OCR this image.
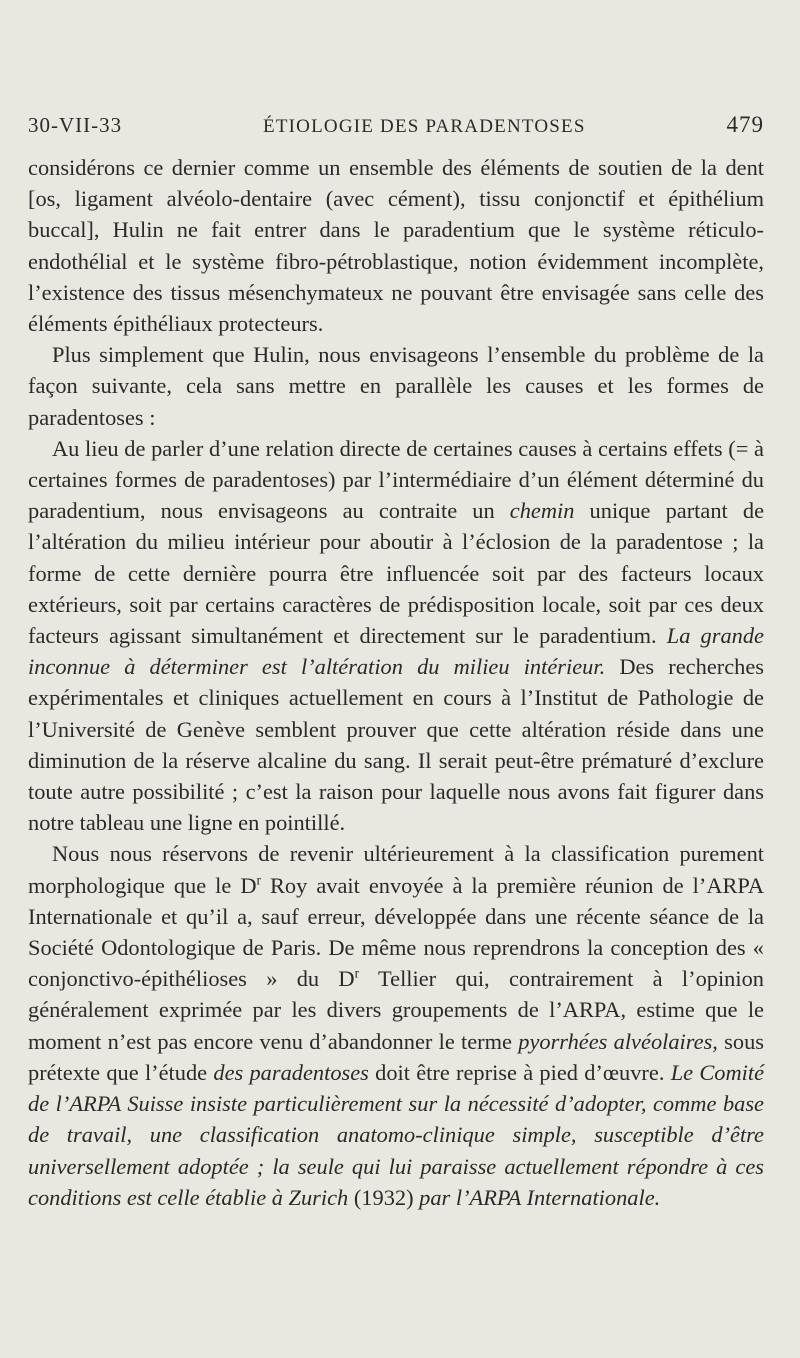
30-VII-33	ÉTIOLOGIE DES PARADENTOSES	479

considérons ce dernier comme un ensemble des éléments de soutien de la dent [os, ligament alvéolo-dentaire (avec cément), tissu conjonctif et épithélium buccal], Hulin ne fait entrer dans le paradentium que le système réticulo-endothélial et le système fibro-pétroblastique, notion évidemment incomplète, l’existence des tissus mésenchymateux ne pouvant être envisagée sans celle des éléments épithéliaux protecteurs.

Plus simplement que Hulin, nous envisageons l’ensemble du problème de la façon suivante, cela sans mettre en parallèle les causes et les formes de paradentoses :

Au lieu de parler d’une relation directe de certaines causes à certains effets (= à certaines formes de paradentoses) par l’intermédiaire d’un élément déterminé du paradentium, nous envisageons au contraite un chemin unique partant de l’altération du milieu intérieur pour aboutir à l’éclosion de la paradentose ; la forme de cette dernière pourra être influencée soit par des facteurs locaux extérieurs, soit par certains caractères de prédisposition locale, soit par ces deux facteurs agissant simultanément et directement sur le paradentium. La grande inconnue à déterminer est l’altération du milieu intérieur. Des recherches expérimentales et cliniques actuellement en cours à l’Institut de Pathologie de l’Université de Genève semblent prouver que cette altération réside dans une diminution de la réserve alcaline du sang. Il serait peut-être prématuré d’exclure toute autre possibilité ; c’est la raison pour laquelle nous avons fait figurer dans notre tableau une ligne en pointillé.

Nous nous réservons de revenir ultérieurement à la classification purement morphologique que le $D^r$ Roy avait envoyée à la première réunion de l’ARPA Internationale et qu’il a, sauf erreur, développée dans une récente séance de la Société Odontologique de Paris. De même nous reprendrons la conception des « conjonctivo-épithélioses » du $D^r$ Tellier qui, contrairement à l’opinion généralement exprimée par les divers groupements de l’ARPA, estime que le moment n’est pas encore venu d’abandonner le terme pyorrhées alvéolaires, sous prétexte que l’étude des paradentoses doit être reprise à pied d’œuvre. Le Comité de l’ARPA Suisse insiste particulièrement sur la nécessité d’adopter, comme base de travail, une classification anatomo-clinique simple, susceptible d’être universellement adoptée ; la seule qui lui paraisse actuellement répondre à ces conditions est celle établie à Zurich (1932) par l’ARPA Internationale.
